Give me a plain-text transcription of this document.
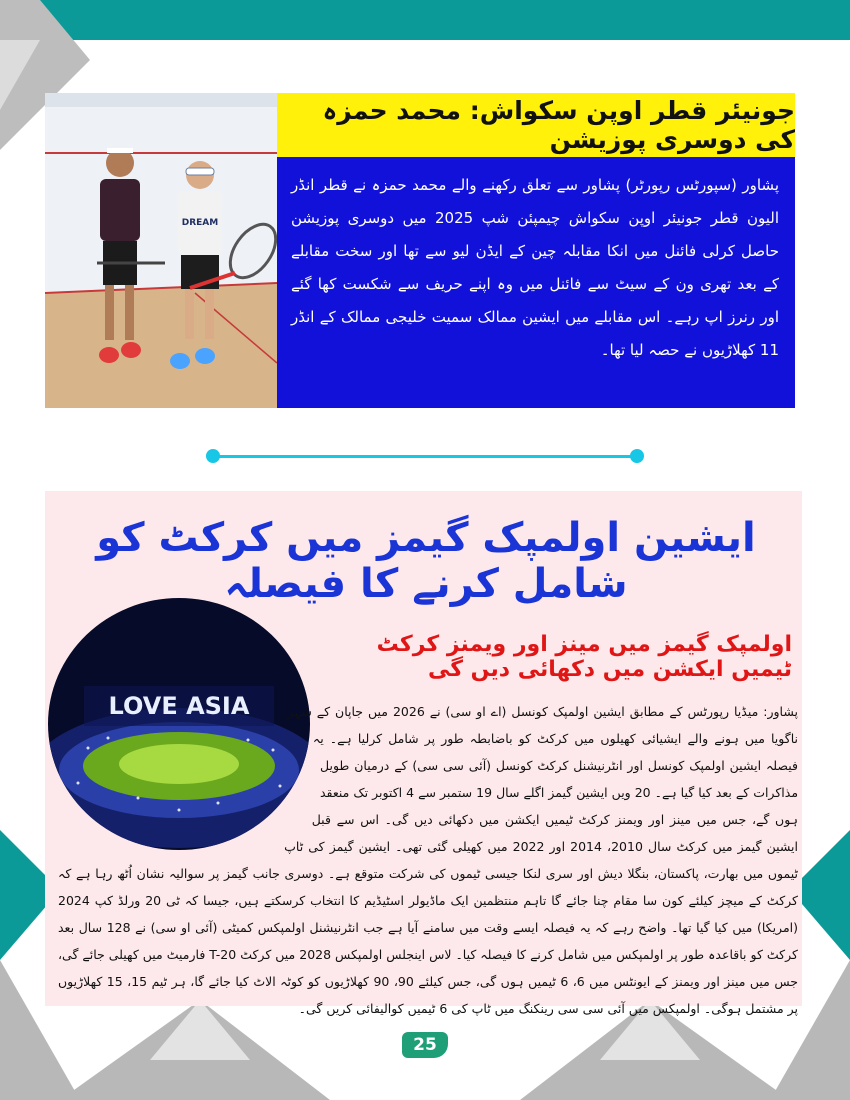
DREAM
جونیئر قطر اوپن سکواش: محمد حمزہ کی دوسری پوزیشن

پشاور (سپورٹس رپورٹر) پشاور سے تعلق رکھنے والے محمد حمزہ نے قطر انڈر الیون قطر جونیئر اوپن سکواش چیمپئن شپ 2025 میں دوسری پوزیشن حاصل کرلی فائنل میں انکا مقابلہ چین کے ایڈن لیو سے تھا اور سخت مقابلے کے بعد تھری ون کے سیٹ سے فائنل میں وہ اپنے حریف سے شکست کھا گئے اور رنرز اپ رہے۔ اس مقابلے میں ایشین ممالک سمیت خلیجی ممالک کے انڈر 11 کھلاڑیوں نے حصہ لیا تھا۔

ایشین اولمپک گیمز میں کرکٹ کو شامل کرنے کا فیصلہ
اولمپک گیمز میں مینز اور ویمنز کرکٹ ٹیمیں ایکشن میں دکھائی دیں گی
LOVE ASIA	پشاور: میڈیا رپورٹس کے مطابق ایشین اولمپک کونسل (اے او سی) نے 2026 میں جاپان کے شہر ناگویا میں ہونے والے ایشیائی کھیلوں میں کرکٹ کو باضابطہ طور پر شامل کرلیا ہے۔ یہ فیصلہ ایشین اولمپک کونسل اور انٹرنیشنل کرکٹ کونسل (آئی سی سی) کے درمیان طویل مذاکرات کے بعد کیا گیا ہے۔ 20 ویں ایشین گیمز اگلے سال 19 ستمبر سے 4 اکتوبر تک منعقد ہوں گے، جس میں مینز اور ویمنز کرکٹ ٹیمیں ایکشن میں دکھائی دیں گی۔ اس سے قبل ایشین گیمز میں کرکٹ سال 2010، 2014 اور 2022 میں کھیلی گئی تھی۔ ایشین گیمز کی ٹاپ ٹیموں میں بھارت، پاکستان، بنگلا دیش اور سری لنکا جیسی ٹیموں کی شرکت متوقع ہے۔ دوسری جانب گیمز پر سوالیہ نشان اُٹھ رہا ہے کہ کرکٹ کے میچز کیلئے کون سا مقام چنا جائے گا تاہم منتظمین ایک ماڈیولر اسٹیڈیم کا انتخاب کرسکتے ہیں، جیسا کہ ٹی 20 ورلڈ کپ 2024 (امریکا) میں کیا گیا تھا۔ واضح رہے کہ یہ فیصلہ ایسے وقت میں سامنے آیا ہے جب انٹرنیشنل اولمپکس کمیٹی (آئی او سی) نے 128 سال بعد کرکٹ کو باقاعدہ طور پر اولمپکس میں شامل کرنے کا فیصلہ کیا۔ لاس اینجلس اولمپکس 2028 میں کرکٹ T-20 فارمیٹ میں کھیلی جائے گی، جس میں مینز اور ویمنز کے ایونٹس میں 6، 6 ٹیمیں ہوں گی، جس کیلئے 90، 90 کھلاڑیوں کو کوٹہ الاٹ کیا جائے گا، ہر ٹیم 15، 15 کھلاڑیوں پر مشتمل ہوگی۔ اولمپکس میں آئی سی سی رینکنگ میں ٹاپ کی 6 ٹیمیں کوالیفائی کریں گی۔
25
